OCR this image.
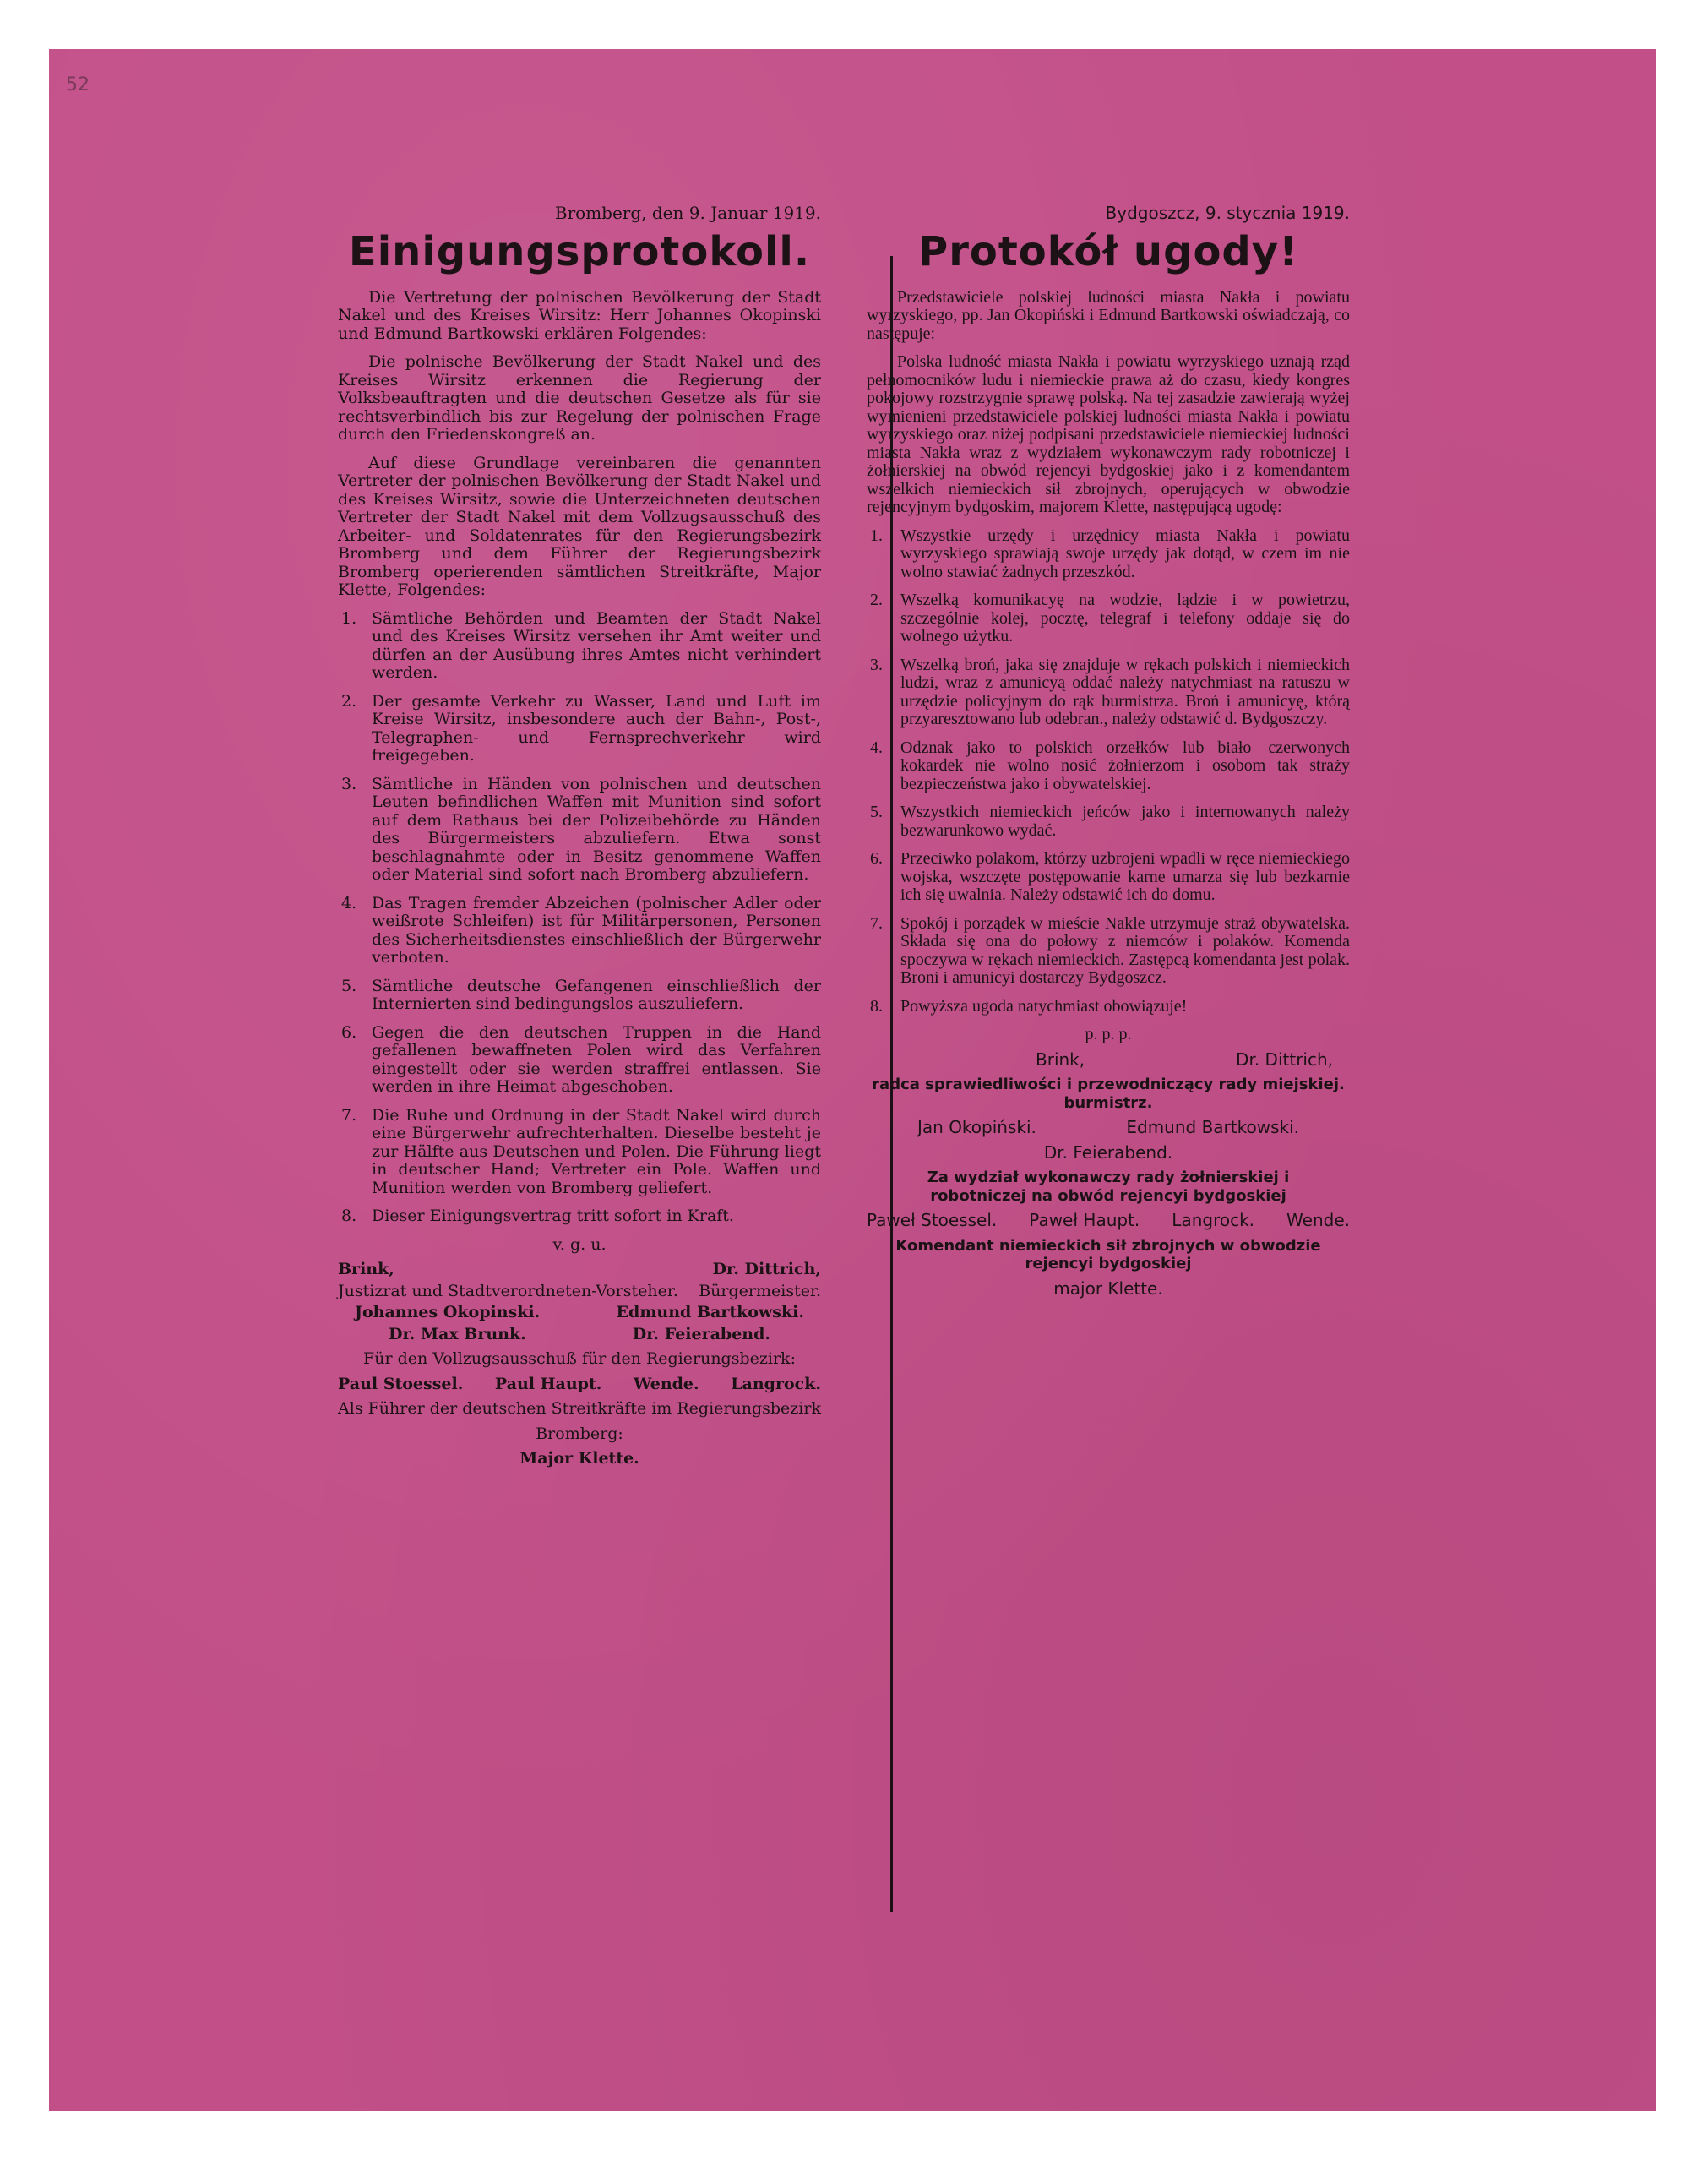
52
Bromberg, den 9. Januar 1919.
Einigungsprotokoll.

Die Vertretung der polnischen Bevölkerung der Stadt Nakel und des Kreises Wirsitz: Herr Johannes Okopinski und Edmund Bartkowski erklären Folgendes:

Die polnische Bevölkerung der Stadt Nakel und des Kreises Wirsitz erkennen die Regierung der Volksbeauftragten und die deutschen Gesetze als für sie rechtsverbindlich bis zur Regelung der polnischen Frage durch den Friedenskongreß an.

Auf diese Grundlage vereinbaren die genannten Vertreter der polnischen Bevölkerung der Stadt Nakel und des Kreises Wirsitz, sowie die Unterzeichneten deutschen Vertreter der Stadt Nakel mit dem Vollzugsausschuß des Arbeiter- und Soldatenrates für den Regierungsbezirk Bromberg und dem Führer der Regierungsbezirk Bromberg operierenden sämtlichen Streitkräfte, Major Klette, Folgendes:

1. Sämtliche Behörden und Beamten der Stadt Nakel und des Kreises Wirsitz versehen ihr Amt weiter und dürfen an der Ausübung ihres Amtes nicht verhindert werden.
2. Der gesamte Verkehr zu Wasser, Land und Luft im Kreise Wirsitz, insbesondere auch der Bahn-, Post-, Telegraphen- und Fernsprechverkehr wird freigegeben.
3. Sämtliche in Händen von polnischen und deutschen Leuten befindlichen Waffen mit Munition sind sofort auf dem Rathaus bei der Polizeibehörde zu Händen des Bürgermeisters abzuliefern. Etwa sonst beschlagnahmte oder in Besitz genommene Waffen oder Material sind sofort nach Bromberg abzuliefern.
4. Das Tragen fremder Abzeichen (polnischer Adler oder weißrote Schleifen) ist für Militärpersonen, Personen des Sicherheitsdienstes einschließlich der Bürgerwehr verboten.
5. Sämtliche deutsche Gefangenen einschließlich der Internierten sind bedingungslos auszuliefern.
6. Gegen die den deutschen Truppen in die Hand gefallenen bewaffneten Polen wird das Verfahren eingestellt oder sie werden straffrei entlassen. Sie werden in ihre Heimat abgeschoben.
7. Die Ruhe und Ordnung in der Stadt Nakel wird durch eine Bürgerwehr aufrechterhalten. Dieselbe besteht je zur Hälfte aus Deutschen und Polen. Die Führung liegt in deutscher Hand; Vertreter ein Pole. Waffen und Munition werden von Bromberg geliefert.
8. Dieser Einigungsvertrag tritt sofort in Kraft.
v. g. u.
Brink,	Dr. Dittrich,
Justizrat und Stadtverordneten-Vorsteher. Bürgermeister.
Johannes Okopinski.	Edmund Bartkowski.
Dr. Max Brunk.	Dr. Feierabend.
Für den Vollzugsausschuß für den Regierungsbezirk:
Paul Stoessel. Paul Haupt. Wende. Langrock.
Als Führer der deutschen Streitkräfte im Regierungsbezirk
Bromberg:
Major Klette.
Bydgoszcz, 9. stycznia 1919.
Protokół ugody!

Przedstawiciele polskiej ludności miasta Nakła i powiatu wyrzyskiego, pp. Jan Okopiński i Edmund Bartkowski oświadczają, co następuje:

Polska ludność miasta Nakła i powiatu wyrzyskiego uznają rząd pełnomocników ludu i niemieckie prawa aż do czasu, kiedy kongres pokojowy rozstrzygnie sprawę polską. Na tej zasadzie zawierają wyżej wymienieni przedstawiciele polskiej ludności miasta Nakła i powiatu wyrzyskiego oraz niżej podpisani przedstawiciele niemieckiej ludności miasta Nakła wraz z wydziałem wykonawczym rady robotniczej i żołnierskiej na obwód rejencyi bydgoskiej jako i z komendantem wszelkich niemieckich sił zbrojnych, operujących w obwodzie rejencyjnym bydgoskim, majorem Klette, następującą ugodę:

1.	Wszystkie urzędy i urzędnicy miasta Nakła i powiatu wyrzyskiego sprawiają swoje urzędy jak dotąd, w czem im nie wolno stawiać żadnych przeszkód.
2.	Wszelką komunikacyę na wodzie, lądzie i w powietrzu, szczególnie kolej, pocztę, telegraf i telefony oddaje się do wolnego użytku.
3.	Wszelką broń, jaka się znajduje w rękach polskich i niemieckich ludzi, wraz z amunicyą oddać należy natychmiast na ratuszu w urzędzie policyjnym do rąk burmistrza. Broń i amunicyę, którą przyaresztowano lub odebran., należy odstawić d. Bydgoszczy.
4.	Odznak jako to polskich orzełków lub biało—czerwonych kokardek nie wolno nosić żołnierzom i osobom tak straży bezpieczeństwa jako i obywatelskiej.
5.	Wszystkich niemieckich jeńców jako i internowanych należy bezwarunkowo wydać.
6.	Przeciwko polakom, którzy uzbrojeni wpadli w ręce niemieckiego wojska, wszczęte postępowanie karne umarza się lub bezkarnie ich się uwalnia. Należy odstawić ich do domu.
7.	Spokój i porządek w mieście Nakle utrzymuje straż obywatelska. Składa się ona do połowy z niemców i polaków. Komenda spoczywa w rękach niemieckich. Zastępcą komendanta jest polak. Broni i amunicyi dostarczy Bydgoszcz.
8.	Powyższa ugoda natychmiast obowiązuje!
p. p. p.
Brink,	Dr. Dittrich,
radca sprawiedliwości i przewodniczący rady miejskiej. burmistrz.
Jan Okopiński.	Edmund Bartkowski.
Dr. Feierabend.
Za wydział wykonawczy rady żołnierskiej i robotniczej na obwód rejencyi bydgoskiej
Paweł Stoessel. Paweł Haupt. Langrock. Wende.
Komendant niemieckich sił zbrojnych w obwodzie rejencyi bydgoskiej
major Klette.
